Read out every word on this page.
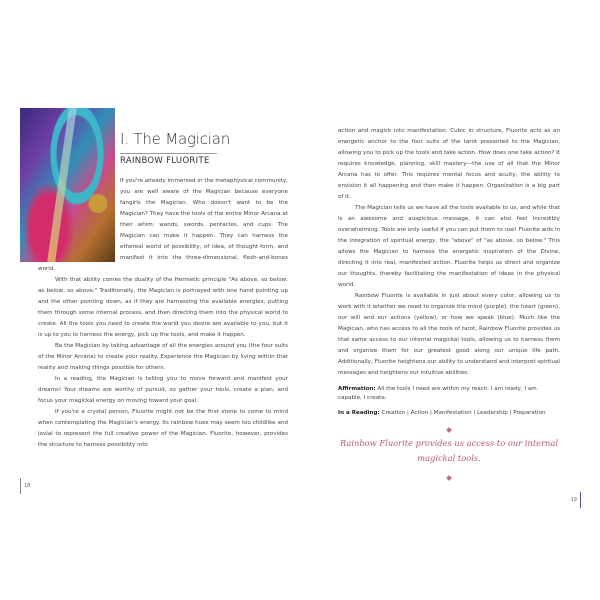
I. The Magician
RAINBOW FLUORITE

If you're already immersed in the metaphysical community, you are well aware of the Magician because everyone fangirls the Magician. Who doesn't want to be the Magician? They have the tools of the entire Minor Arcana at their whim: wands, swords, pentacles, and cups. The Magician can make it happen. They can harness the ethereal world of possibility, of idea, of thought-form, and manifest it into the three-dimensional, flesh-and-bones world.

With that ability comes the duality of the Hermetic principle "As above, so below; as below, so above." Traditionally, the Magician is portrayed with one hand pointing up and the other pointing down, as if they are harnessing the available energies, putting them through some internal process, and then directing them into the physical world to create. All the tools you need to create the world you desire are available to you, but it is up to you to harness the energy, pick up the tools, and make it happen.

Be the Magician by taking advantage of all the energies around you (the four suits of the Minor Arcana) to create your reality. Experience the Magician by living within that reality and making things possible for others.

In a reading, the Magician is telling you to move forward and manifest your dreams! Your dreams are worthy of pursuit, so gather your tools, create a plan, and focus your magickal energy on moving toward your goal.

If you're a crystal person, Fluorite might not be the first stone to come to mind when contemplating the Magician's energy. Its rainbow hues may seem too childlike and jovial to represent the full creative power of the Magician. Fluorite, however, provides the structure to harness possibility into

18

action and magick into manifestation. Cubic in structure, Fluorite acts as an energetic anchor to the four suits of the tarot presented to the Magician, allowing you to pick up the tools and take action. How does one take action? It requires knowledge, planning, skill mastery—the use of all that the Minor Arcana has to offer. This requires mental focus and acuity, the ability to envision it all happening and then make it happen. Organization is a big part of it.

The Magician tells us we have all the tools available to us, and while that is an awesome and auspicious message, it can also feel incredibly overwhelming. Tools are only useful if you can put them to use! Fluorite aids in the integration of spiritual energy, the "above" of "as above, so below." This allows the Magician to harness the energetic inspiration of the Divine, directing it into real, manifested action. Fluorite helps us direct and organize our thoughts, thereby facilitating the manifestation of ideas in the physical world.

Rainbow Fluorite is available in just about every color, allowing us to work with it whether we need to organize the mind (purple), the heart (green), our will and our actions (yellow), or how we speak (blue). Much like the Magician, who has access to all the tools of tarot, Rainbow Fluorite provides us that same access to our internal magickal tools, allowing us to harness them and organize them for our greatest good along our unique life path. Additionally, Fluorite heightens our ability to understand and interpret spiritual messages and heightens our intuitive abilities.

Affirmation: All the tools I need are within my reach. I am ready, I am capable, I create.
In a Reading: Creation | Action | Manifestation | Leadership | Preparation
Rainbow Fluorite provides us access to our internal magickal tools.
19
